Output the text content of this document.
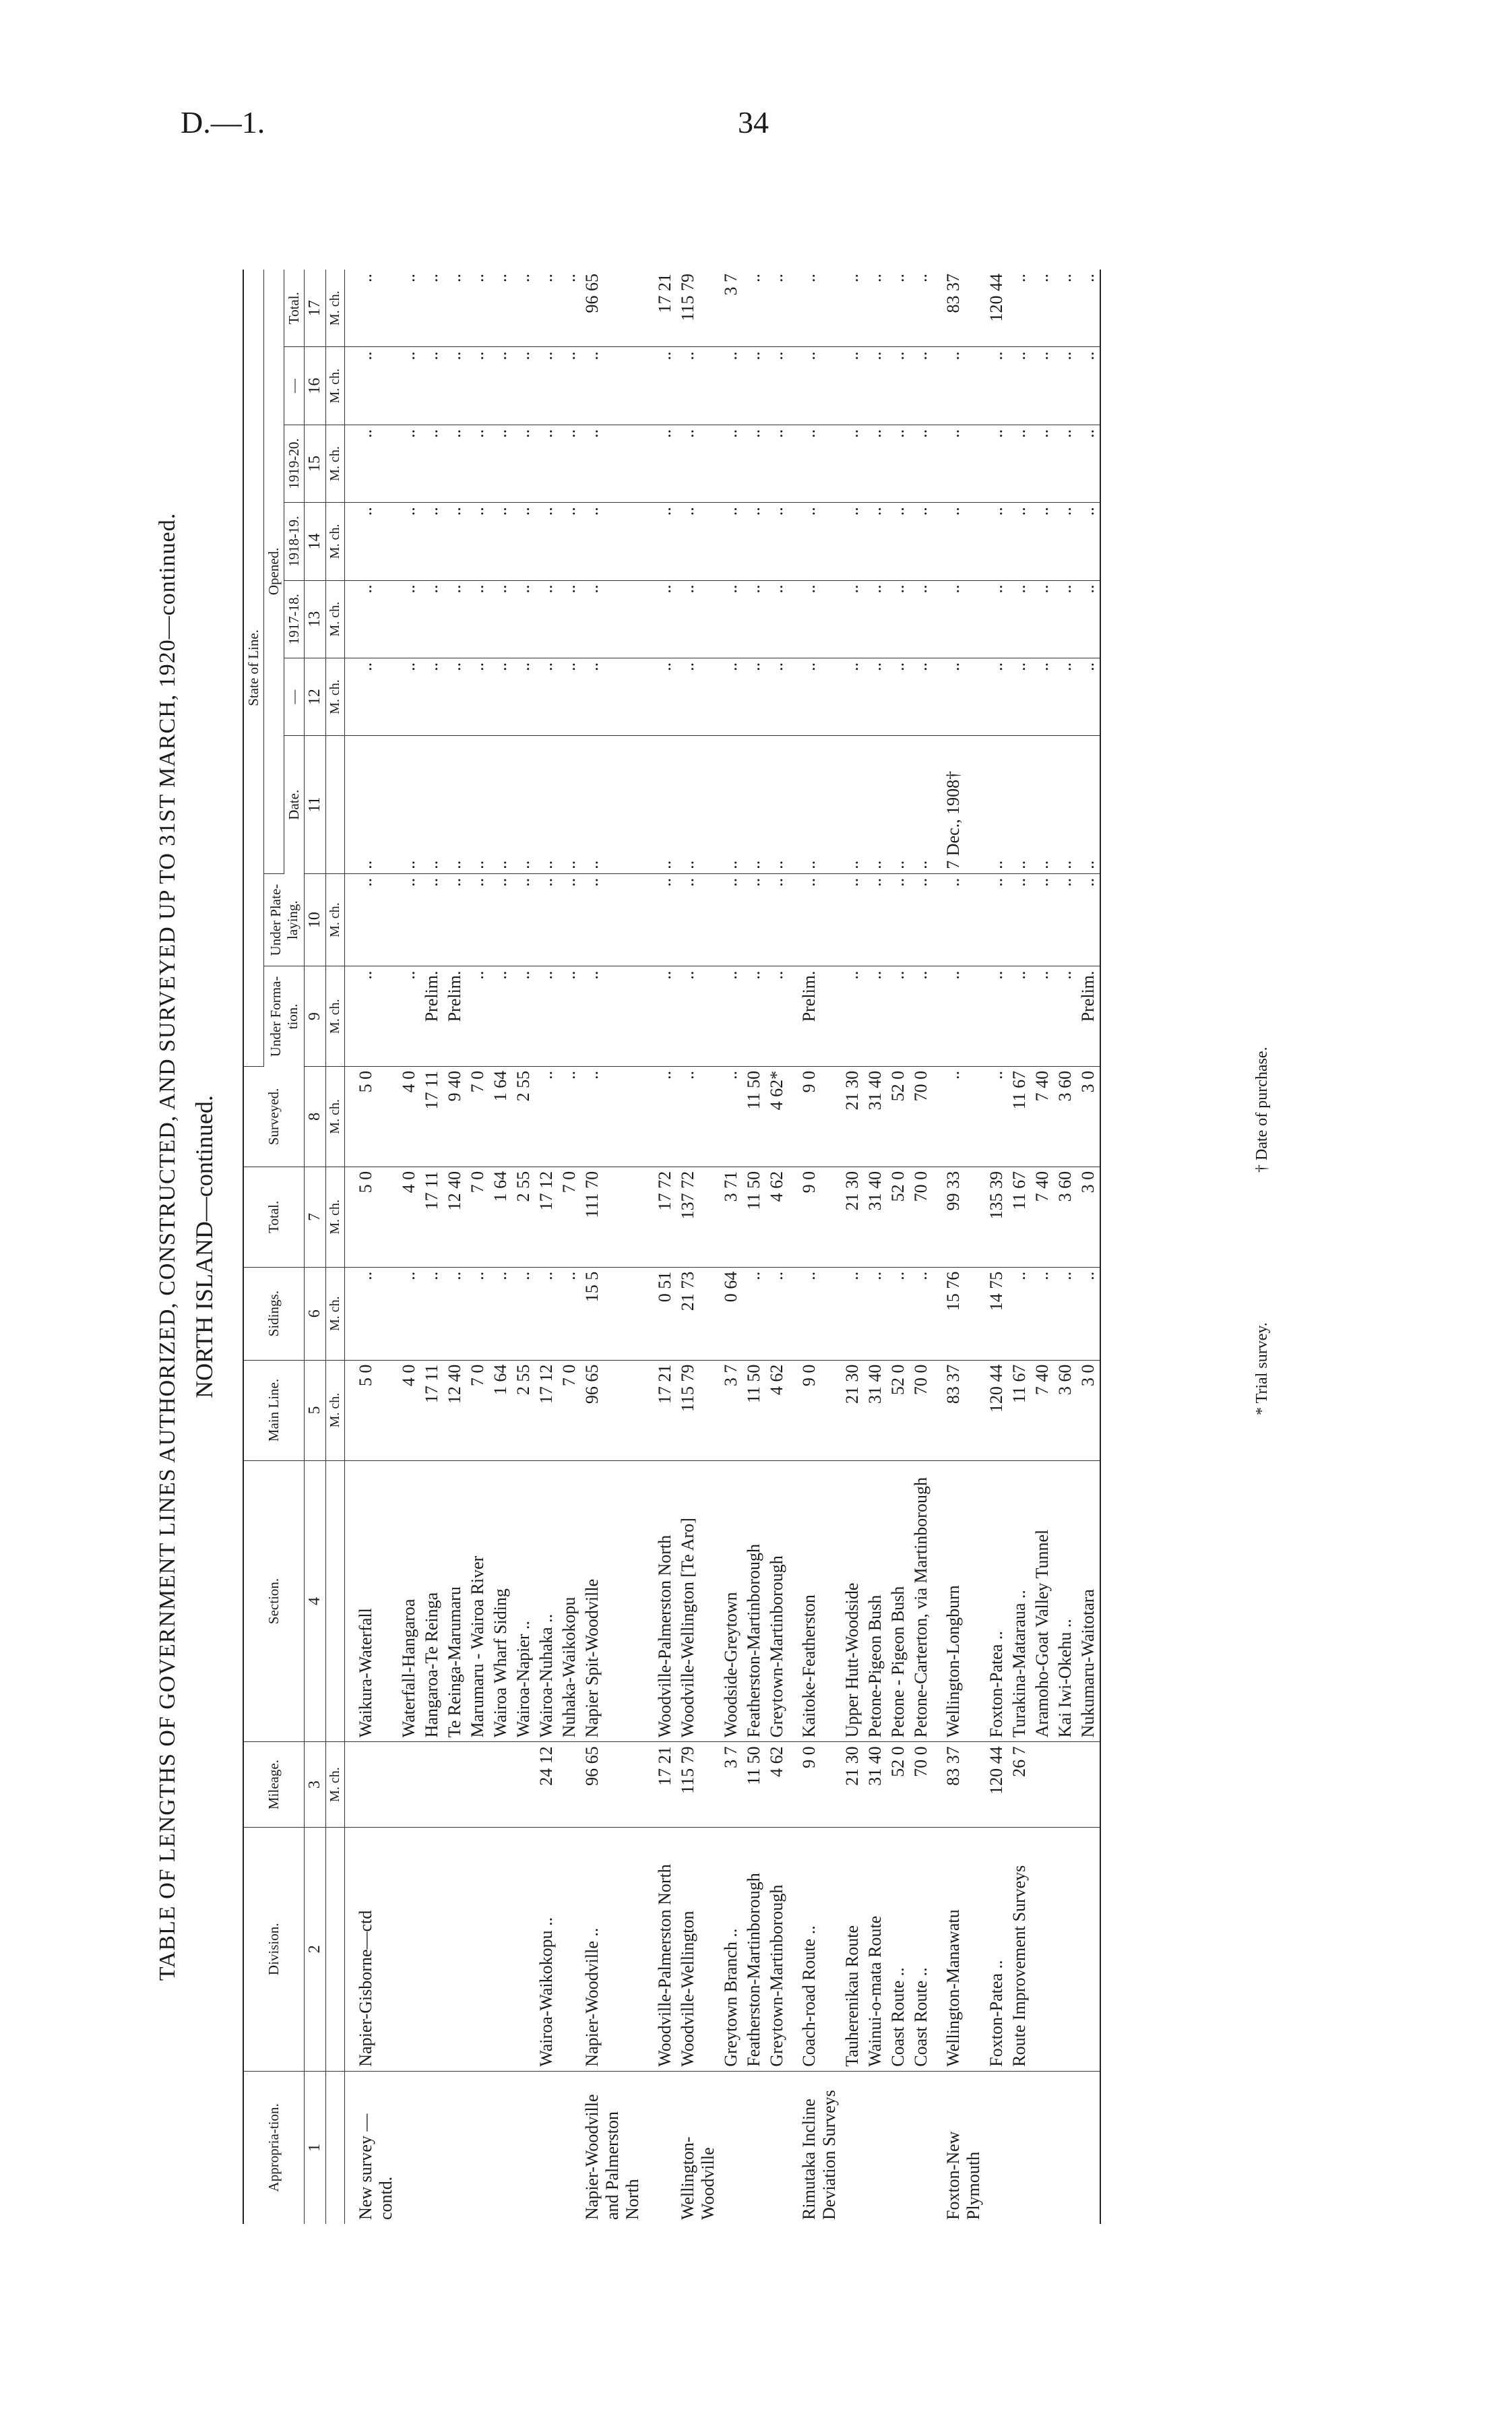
D.—1.	34
TABLE OF LENGTHS OF GOVERNMENT LINES AUTHORIZED, CONSTRUCTED, AND SURVEYED UP TO 31ST MARCH, 1920—continued. NORTH ISLAND—continued.
Appropria-tion.	Division.	Mileage.	Section.	Main Line.	Sidings.	Total.	Surveyed.	State of Line.								
								Under Forma-tion.	Under Plate-laying.	Opened.						
										Date.	—	1917-18.	1918-19.	1919-20.	—	Total.
1	2	3	4	5	6	7	8	9	10	11	12	13	14	15	16	17
		M. ch.		M. ch.	M. ch.	M. ch.	M. ch.	M. ch.	M. ch.		M. ch.	M. ch.	M. ch.	M. ch.	M. ch.	M. ch.
New survey —contd.	Napier-Gisborne—ctd		Waikura-Waterfall	5 0	..	5 0	5 0	..	..	..	..	..	..	..	..	..
			Waterfall-Hangaroa	4 0	..	4 0	4 0	..	..	..	..	..	..	..	..	..
			Hangaroa-Te Reinga	17 11	..	17 11	17 11	Prelim.	..	..	..	..	..	..	..	..
			Te Reinga-Marumaru	12 40	..	12 40	9 40	Prelim.	..	..	..	..	..	..	..	..
			Marumaru - Wairoa River	7 0	..	7 0	7 0	..	..	..	..	..	..	..	..	..
			Wairoa Wharf Siding	1 64	..	1 64	1 64	..	..	..	..	..	..	..	..	..
			Wairoa-Napier ..	2 55	..	2 55	2 55	..	..	..	..	..	..	..	..	..
	Wairoa-Waikokopu ..	24 12	Wairoa-Nuhaka ..	17 12	..	17 12	..	..	..	..	..	..	..	..	..	..
			Nuhaka-Waikokopu	7 0	..	7 0	..	..	..	..	..	..	..	..	..	..
Napier-Woodville and Palmerston North	Napier-Woodville ..	96 65	Napier Spit-Woodville	96 65	15 5	111 70	..	..	..	..	..	..	..	..	..	96 65
	Woodville-Palmerston North	17 21	Woodville-Palmerston North	17 21	0 51	17 72	..	..	..	..	..	..	..	..	..	17 21
Wellington-Woodville	Woodville-Wellington	115 79	Woodville-Wellington [Te Aro]	115 79	21 73	137 72	..	..	..	..	..	..	..	..	..	115 79
	Greytown Branch ..	3 7	Woodside-Greytown	3 7	0 64	3 71	..	..	..	..	..	..	..	..	..	3 7
	Featherston-Martinborough	11 50	Featherston-Martinborough	11 50	..	11 50	11 50	..	..	..	..	..	..	..	..	..
	Greytown-Martinborough	4 62	Greytown-Martinborough	4 62	..	4 62	4 62*	..	..	..	..	..	..	..	..	..
Rimutaka Incline Deviation Surveys	Coach-road Route ..	9 0	Kaitoke-Featherston	9 0	..	9 0	9 0	Prelim.	..	..	..	..	..	..	..	..
	Tauherenikau Route	21 30	Upper Hutt-Woodside	21 30	..	21 30	21 30	..	..	..	..	..	..	..	..	..
	Wainui-o-mata Route	31 40	Petone-Pigeon Bush	31 40	..	31 40	31 40	..	..	..	..	..	..	..	..	..
	Coast Route ..	52 0	Petone - Pigeon Bush	52 0	..	52 0	52 0	..	..	..	..	..	..	..	..	..
	Coast Route ..	70 0	Petone-Carterton, via Martinborough	70 0	..	70 0	70 0	..	..	..	..	..	..	..	..	..
Foxton-New Plymouth	Wellington-Manawatu	83 37	Wellington-Longburn	83 37	15 76	99 33	..	..	..	7 Dec., 1908†	..	..	..	..	..	83 37
	Foxton-Patea ..	120 44	Foxton-Patea ..	120 44	14 75	135 39	..	..	..	..	..	..	..	..	..	120 44
	Route Improvement Surveys	26 7	Turakina-Mataraua ..	11 67	..	11 67	11 67	..	..	..	..	..	..	..	..	..
			Aramoho-Goat Valley Tunnel	7 40	..	7 40	7 40	..	..	..	..	..	..	..	..	..
			Kai Iwi-Okehu ..	3 60	..	3 60	3 60	..	..	..	..	..	..	..	..	..
			Nukumaru-Waitotara	3 0	..	3 0	3 0	Prelim.	..	..	..	..	..	..	..	..
* Trial survey.
† Date of purchase.
